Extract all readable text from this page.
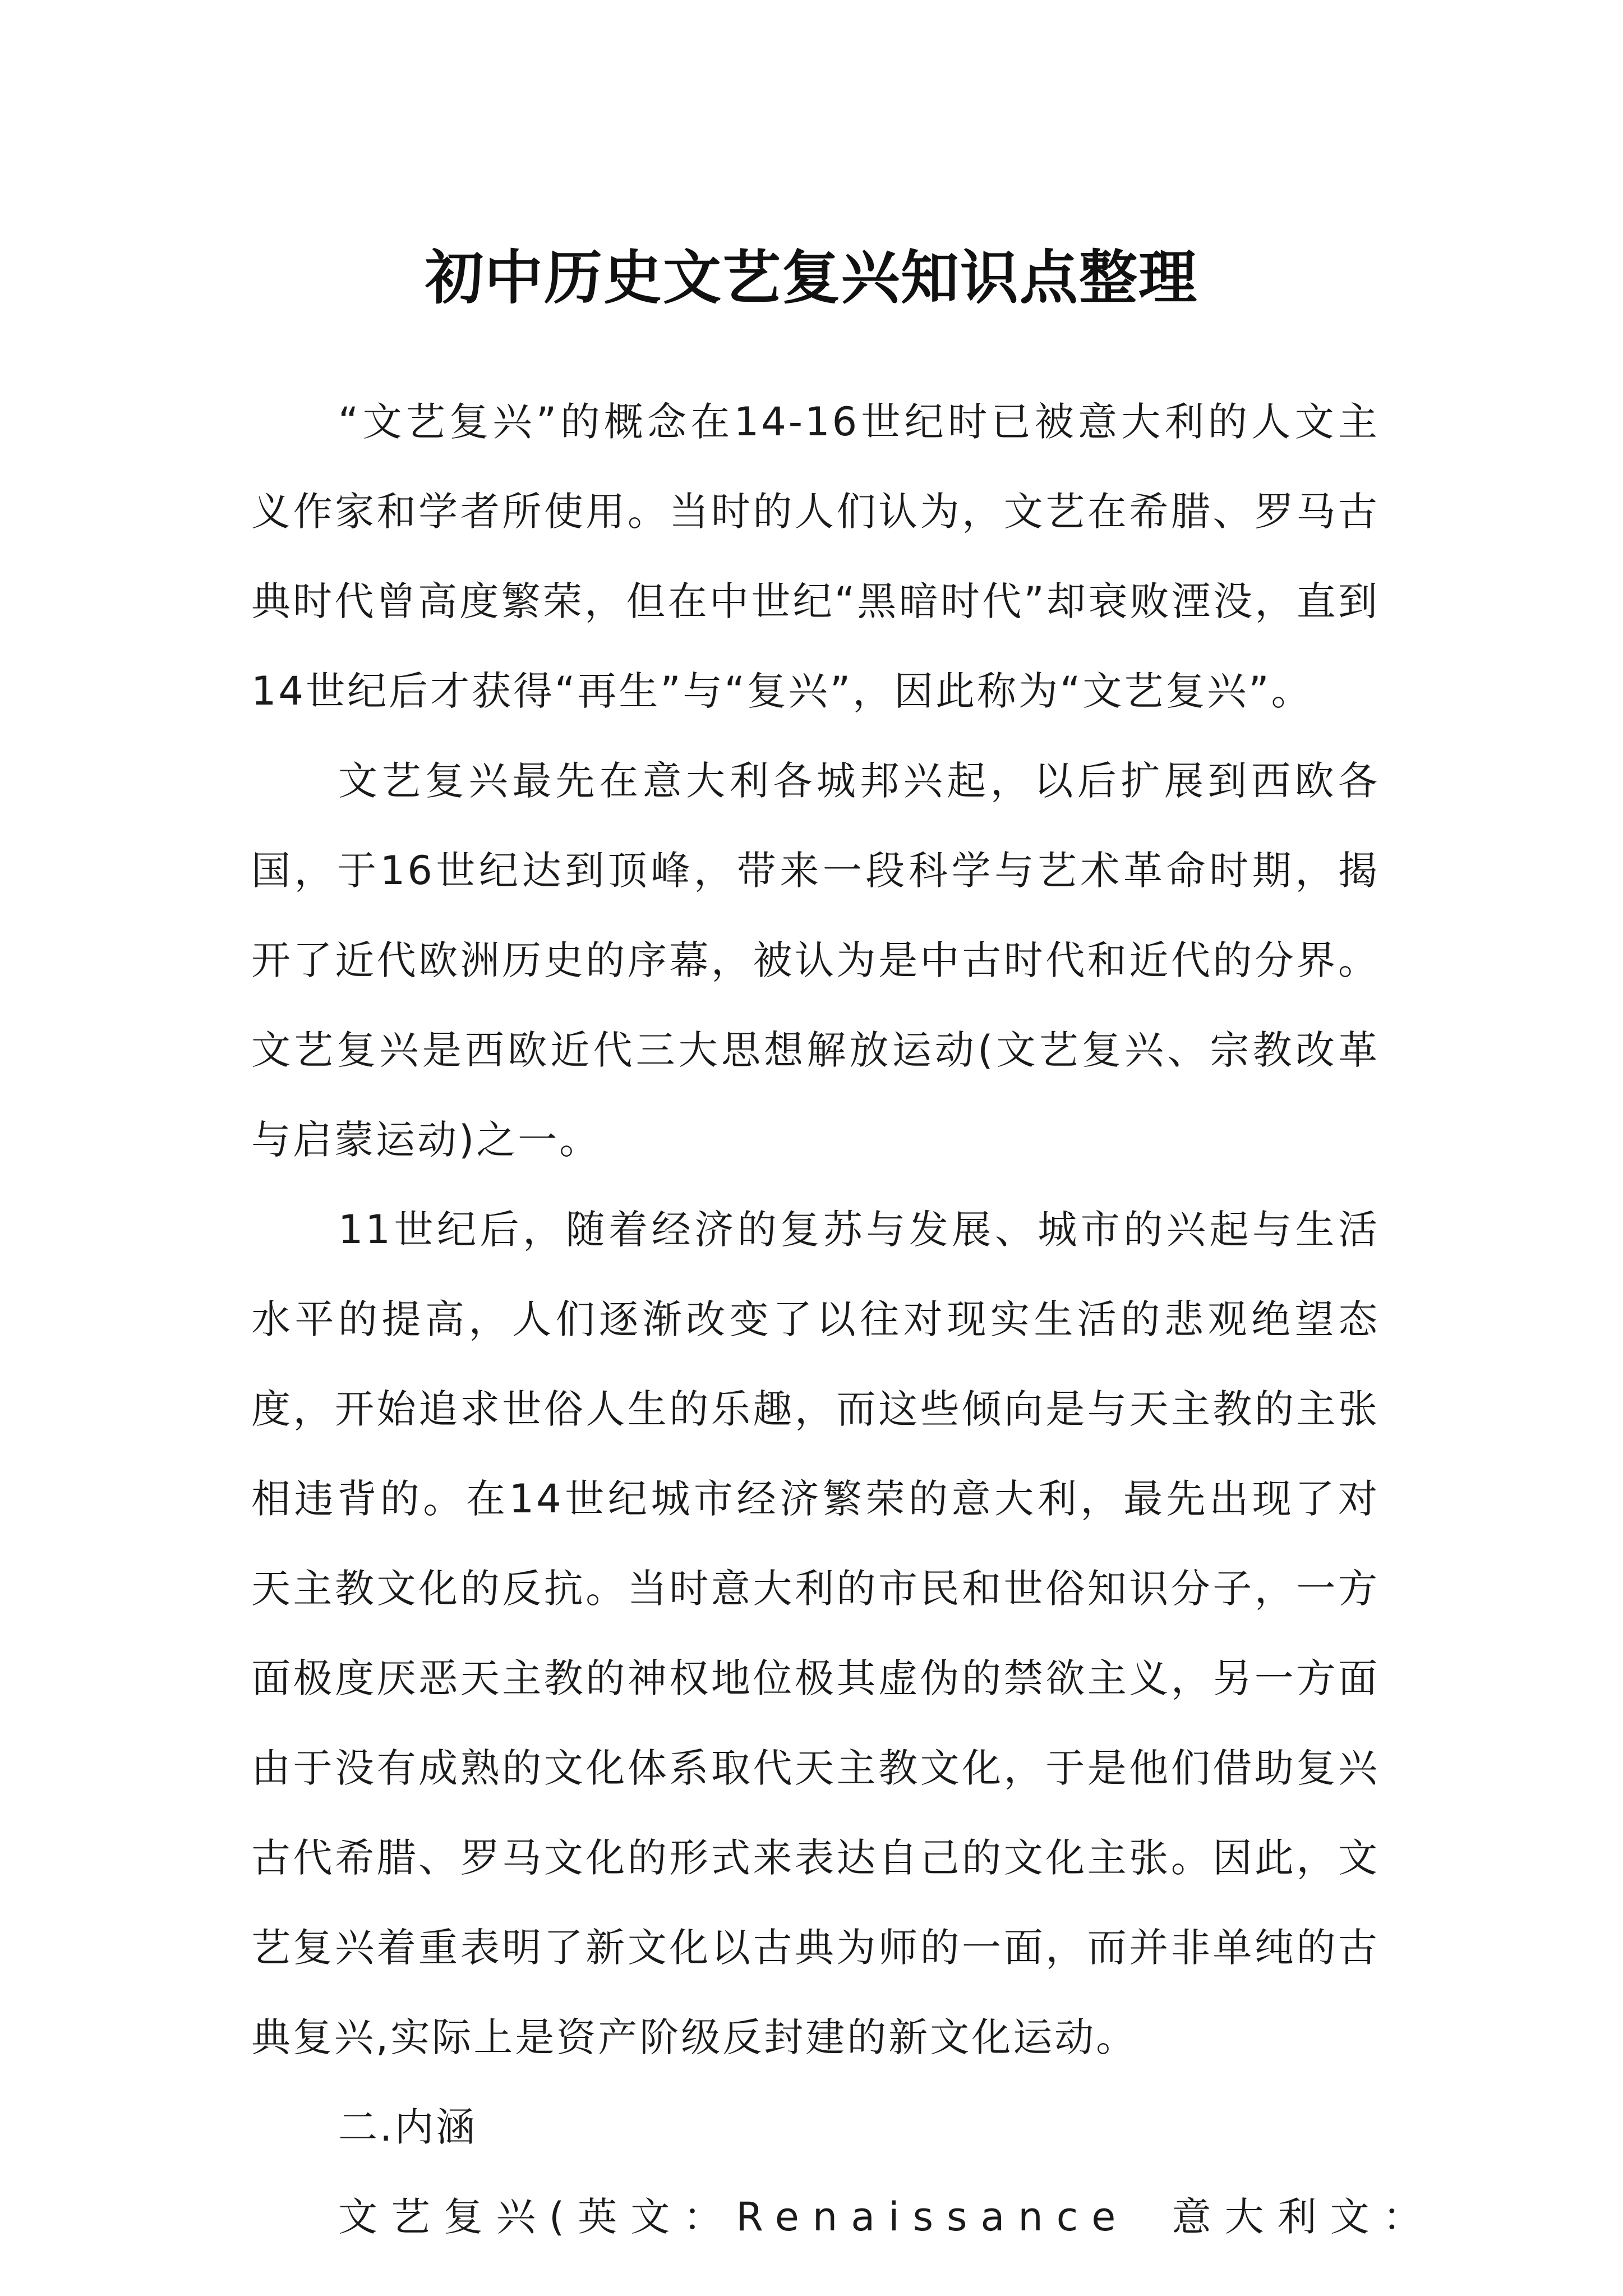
初中历史文艺复兴知识点整理

“文艺复兴”的概念在14-16世纪时已被意大利的人文主义作家和学者所使用。当时的人们认为，文艺在希腊、罗马古典时代曾高度繁荣，但在中世纪“黑暗时代”却衰败湮没，直到14世纪后才获得“再生”与“复兴”，因此称为“文艺复兴”。

文艺复兴最先在意大利各城邦兴起，以后扩展到西欧各国，于16世纪达到顶峰，带来一段科学与艺术革命时期，揭开了近代欧洲历史的序幕，被认为是中古时代和近代的分界。文艺复兴是西欧近代三大思想解放运动(文艺复兴、宗教改革与启蒙运动)之一。

11世纪后，随着经济的复苏与发展、城市的兴起与生活水平的提高，人们逐渐改变了以往对现实生活的悲观绝望态度，开始追求世俗人生的乐趣，而这些倾向是与天主教的主张相违背的。在14世纪城市经济繁荣的意大利，最先出现了对天主教文化的反抗。当时意大利的市民和世俗知识分子，一方面极度厌恶天主教的神权地位极其虚伪的禁欲主义，另一方面由于没有成熟的文化体系取代天主教文化，于是他们借助复兴古代希腊、罗马文化的形式来表达自己的文化主张。因此，文艺复兴着重表明了新文化以古典为师的一面，而并非单纯的古典复兴,实际上是资产阶级反封建的新文化运动。

二.内涵

文艺复兴(英文：Renaissance 意大利文：
